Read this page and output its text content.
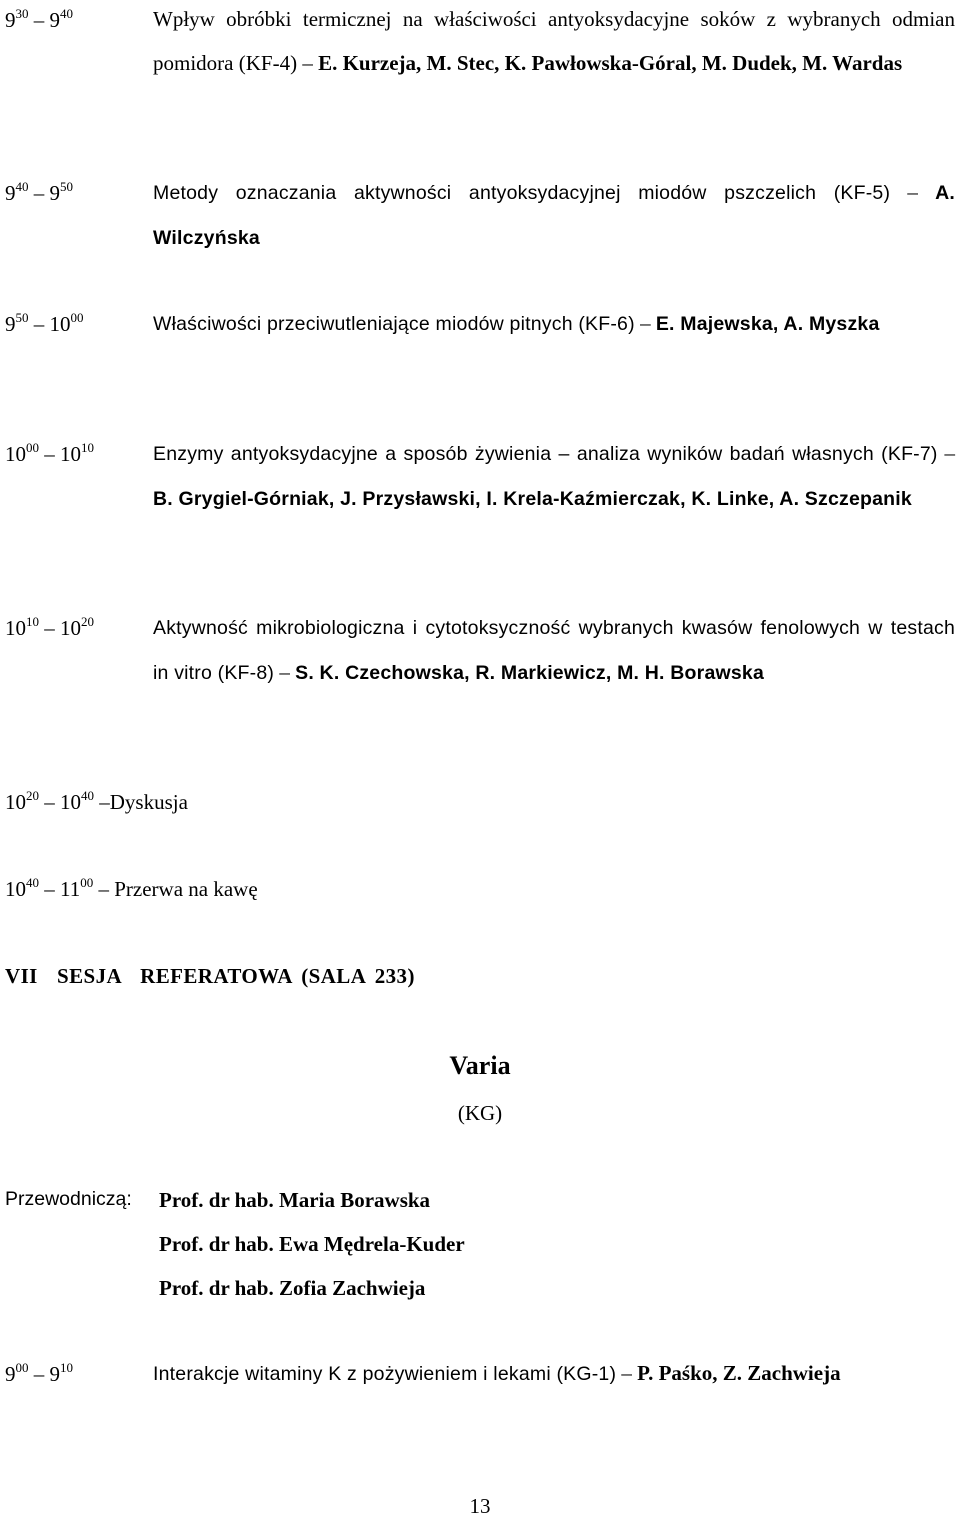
$9^{30} - 9^{40}$	Wpływ obróbki termicznej na właściwości antyoksydacyjne soków z wybranych odmian pomidora (KF-4) – E. Kurzeja, M. Stec, K. Pawłowska-Góral, M. Dudek, M. Wardas
$9^{40} - 9^{50}$	Metody oznaczania aktywności antyoksydacyjnej miodów pszczelich (KF-5) – A. Wilczyńska
$9^{50} - 10^{00}$	Właściwości przeciwutleniające miodów pitnych (KF-6) – E. Majewska, A. Myszka
$10^{00} - 10^{10}$	Enzymy antyoksydacyjne a sposób żywienia – analiza wyników badań własnych (KF-7) – B. Grygiel-Górniak, J. Przysławski, I. Krela-Kaźmierczak, K. Linke, A. Szczepanik
$10^{10} - 10^{20}$	Aktywność mikrobiologiczna i cytotoksyczność wybranych kwasów fenolowych w testach in vitro (KF-8) – S. K. Czechowska, R. Markiewicz, M. H. Borawska
$10^{20} - 10^{40}$ –Dyskusja
$10^{40} - 11^{00}$ – Przerwa na kawę
VII  SESJA  REFERATOWA (SALA 233)
Varia
(KG)
Przewodniczą: Prof. dr hab. Maria Borawska
Prof. dr hab. Ewa Mędrela-Kuder
Prof. dr hab. Zofia Zachwieja
$9^{00} - 9^{10}$	Interakcje witaminy K z pożywieniem i lekami (KG-1) – P. Paśko, Z. Zachwieja
13
